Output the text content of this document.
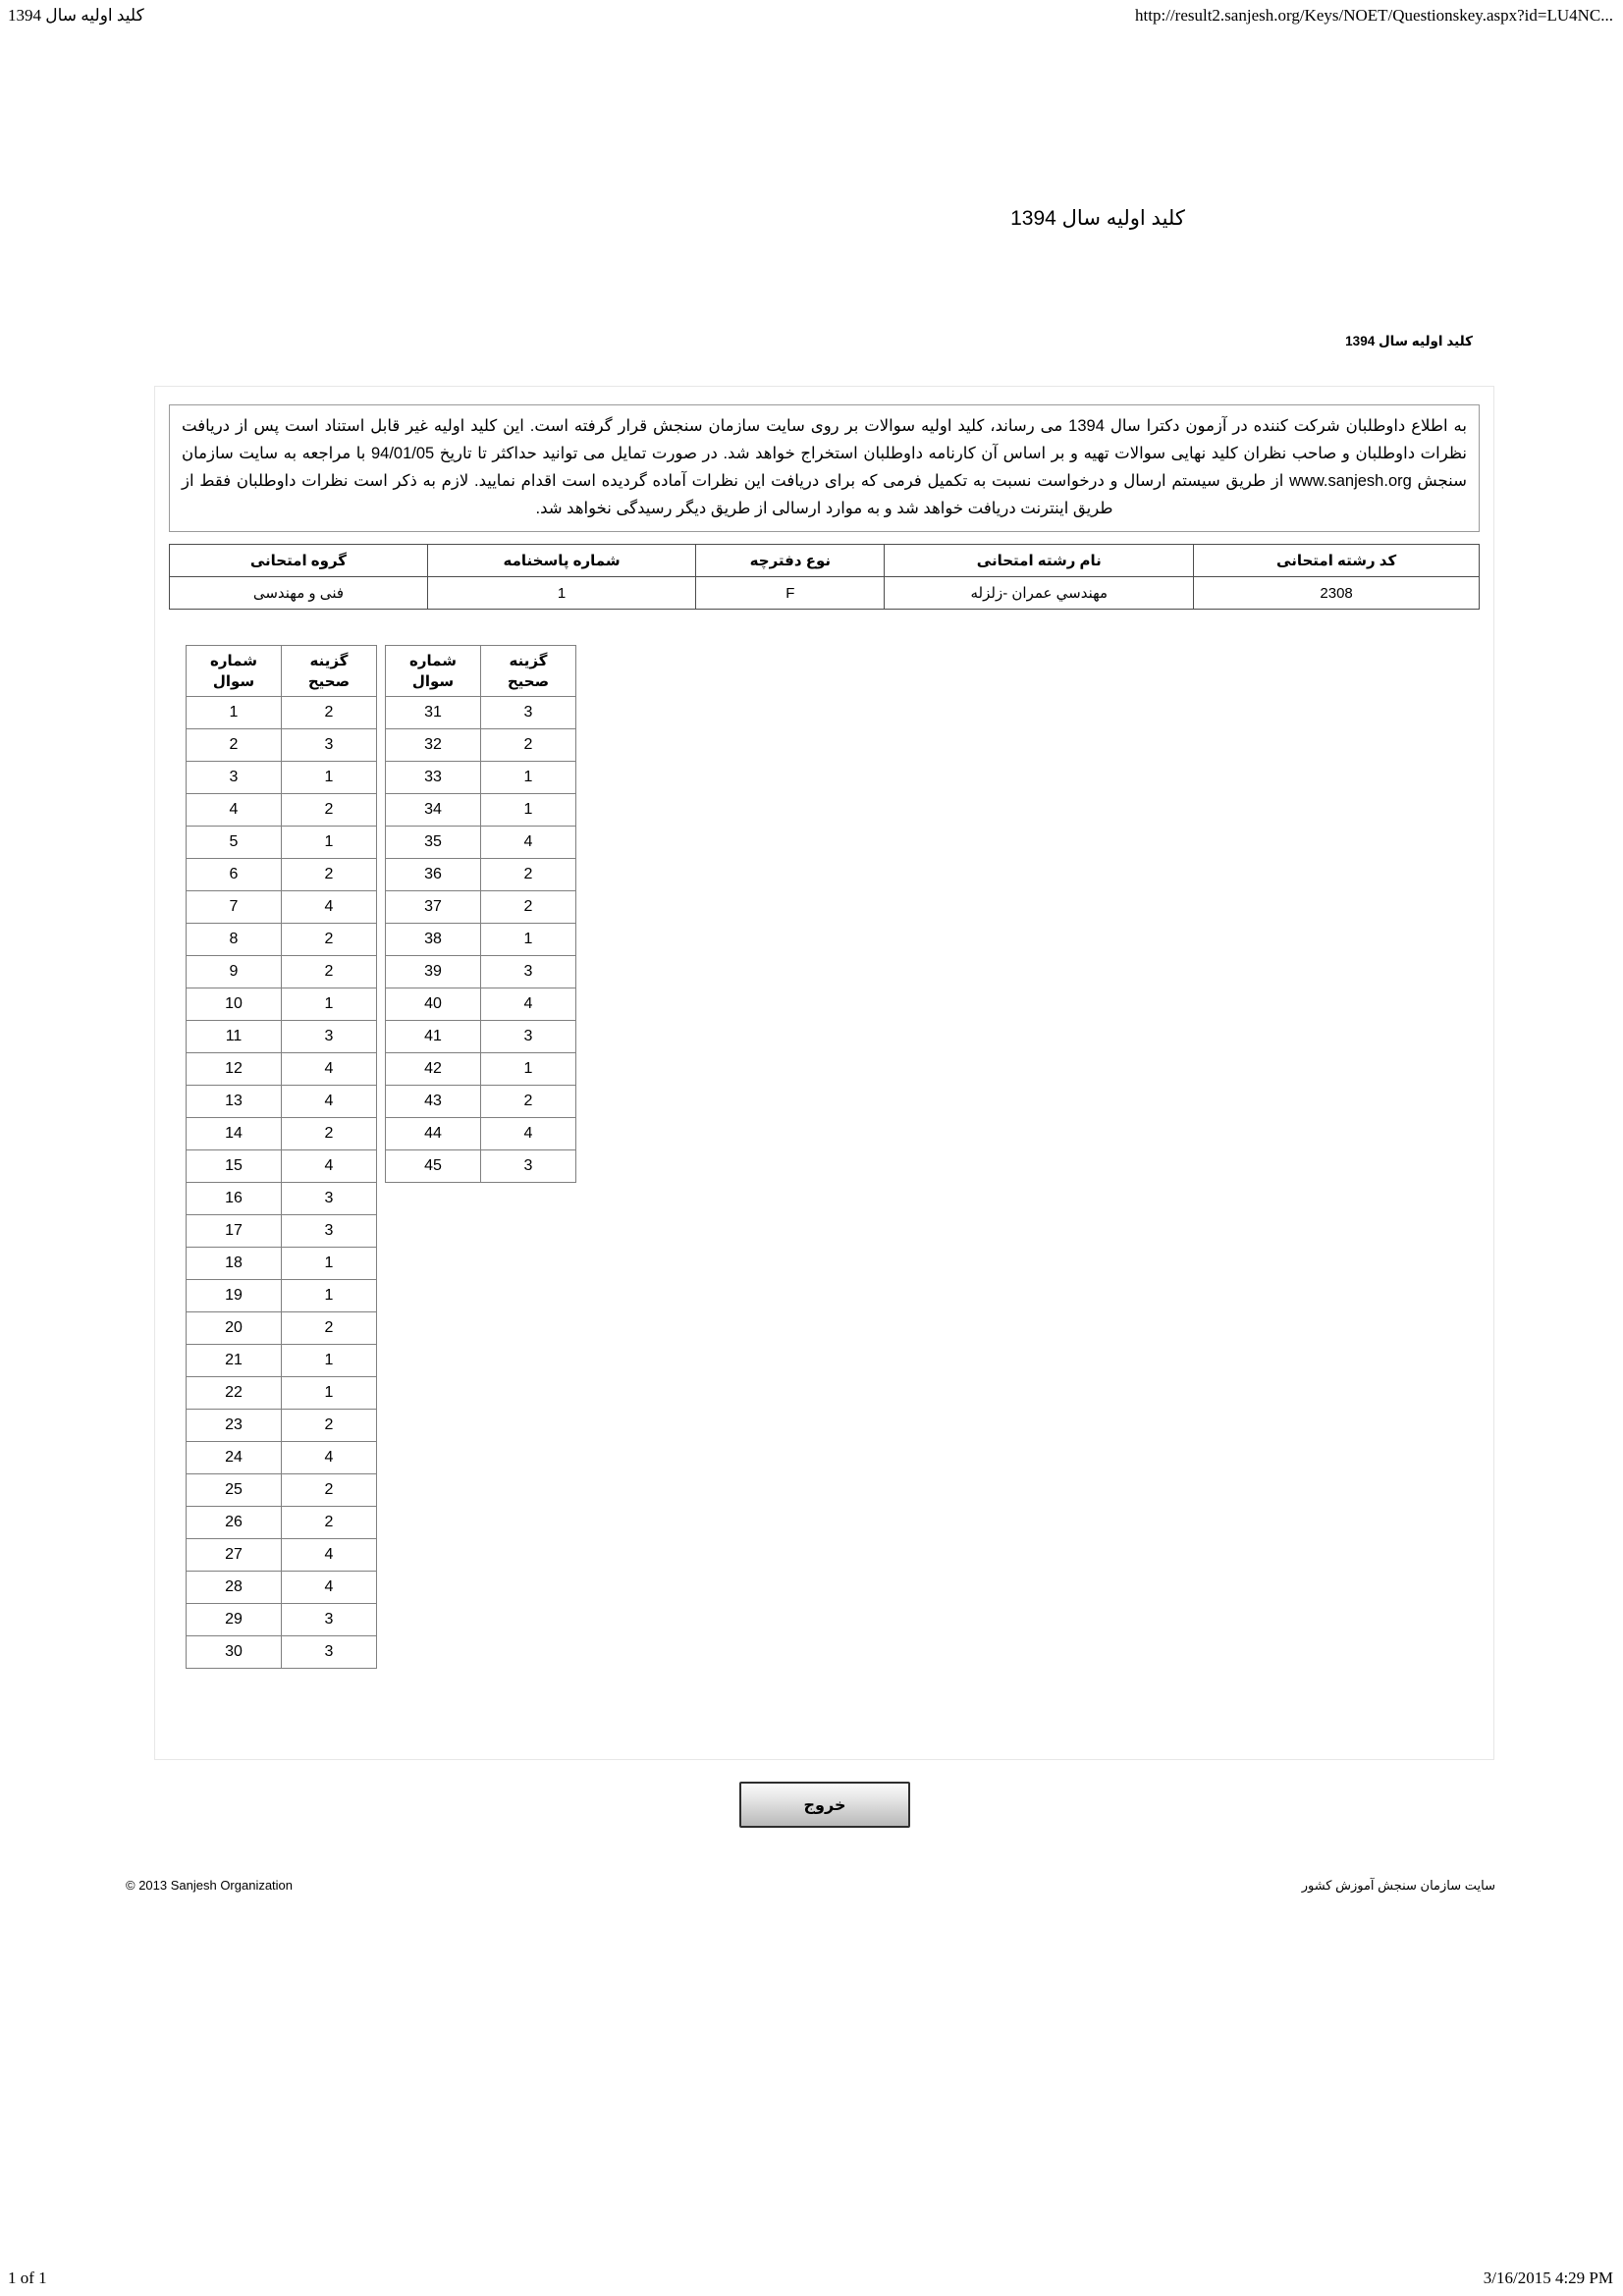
کلید اولیه سال 1394	http://result2.sanjesh.org/Keys/NOET/Questionskey.aspx?id=LU4NC...
کلید اولیه سال 1394
کلید اولیه سال 1394
به اطلاع داوطلبان شرکت کننده در آزمون دکترا سال 1394 می رساند، کلید اولیه سوالات بر روی سایت سازمان سنجش قرار گرفته است. این کلید اولیه غیر قابل استناد است پس از دریافت نظرات داوطلبان و صاحب نظران کلید نهایی سوالات تهیه و بر اساس آن کارنامه داوطلبان استخراج خواهد شد. در صورت تمایل می توانید حداکثر تا تاریخ 94/01/05 با مراجعه به سایت سازمان سنجش www.sanjesh.org از طریق سیستم ارسال و درخواست نسبت به تکمیل فرمی که برای دریافت این نظرات آماده گردیده است اقدام نمایید. لازم به ذکر است نظرات داوطلبان فقط از طریق اینترنت دریافت خواهد شد و به موارد ارسالی از طریق دیگر رسیدگی نخواهد شد.
کد رشته امتحانی	نام رشته امتحانی	نوع دفترچه	شماره پاسخنامه	گروه امتحانی
2308	مهندسي عمران -زلزله	F	1	فنی و مهندسی
شماره
سوال	گزینه
صحیح
1	2
2	3
3	1
4	2
5	1
6	2
7	4
8	2
9	2
10	1
11	3
12	4
13	4
14	2
15	4
16	3
17	3
18	1
19	1
20	2
21	1
22	1
23	2
24	4
25	2
26	2
27	4
28	4
29	3
30	3
شماره
سوال	گزینه
صحیح
31	3
32	2
33	1
34	1
35	4
36	2
37	2
38	1
39	3
40	4
41	3
42	1
43	2
44	4
45	3
خروج
© 2013 Sanjesh Organization	سایت سازمان سنجش آموزش کشور
1 of 1	3/16/2015 4:29 PM
